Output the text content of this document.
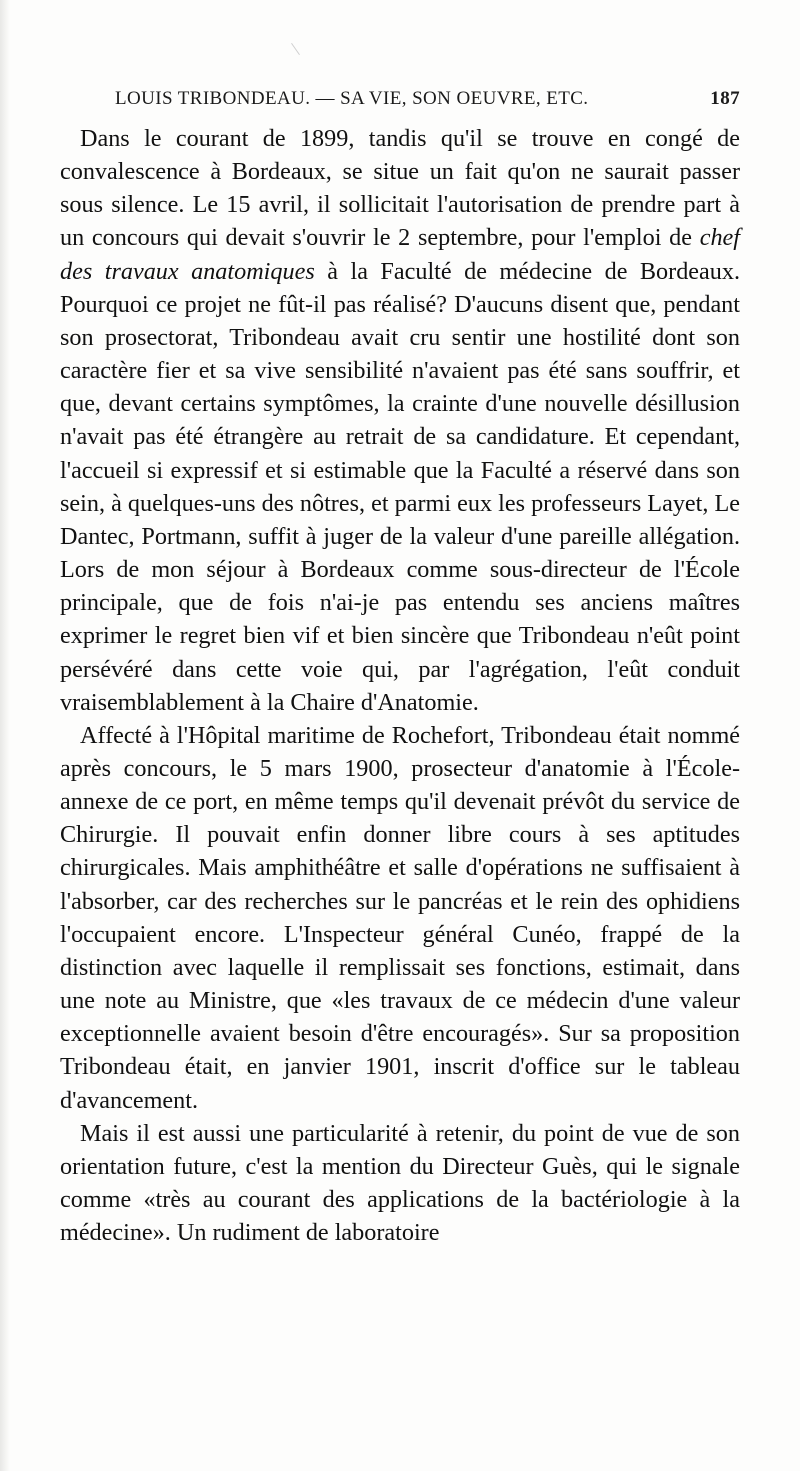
LOUIS TRIBONDEAU. — SA VIE, SON OEUVRE, ETC.	187

Dans le courant de 1899, tandis qu'il se trouve en congé de convalescence à Bordeaux, se situe un fait qu'on ne saurait passer sous silence. Le 15 avril, il sollicitait l'autorisation de prendre part à un concours qui devait s'ouvrir le 2 septembre, pour l'emploi de chef des travaux anatomiques à la Faculté de médecine de Bordeaux. Pourquoi ce projet ne fût-il pas réalisé? D'aucuns disent que, pendant son prosectorat, Tribondeau avait cru sentir une hostilité dont son caractère fier et sa vive sensibilité n'avaient pas été sans souffrir, et que, devant certains symptômes, la crainte d'une nouvelle désillusion n'avait pas été étrangère au retrait de sa candidature. Et cependant, l'accueil si expressif et si estimable que la Faculté a réservé dans son sein, à quelques-uns des nôtres, et parmi eux les professeurs Layet, Le Dantec, Portmann, suffit à juger de la valeur d'une pareille allégation. Lors de mon séjour à Bordeaux comme sous-directeur de l'École principale, que de fois n'ai-je pas entendu ses anciens maîtres exprimer le regret bien vif et bien sincère que Tribondeau n'eût point persévéré dans cette voie qui, par l'agrégation, l'eût conduit vraisemblablement à la Chaire d'Anatomie.

Affecté à l'Hôpital maritime de Rochefort, Tribondeau était nommé après concours, le 5 mars 1900, prosecteur d'anatomie à l'École-annexe de ce port, en même temps qu'il devenait prévôt du service de Chirurgie. Il pouvait enfin donner libre cours à ses aptitudes chirurgicales. Mais amphithéâtre et salle d'opérations ne suffisaient à l'absorber, car des recherches sur le pancréas et le rein des ophidiens l'occupaient encore. L'Inspecteur général Cunéo, frappé de la distinction avec laquelle il remplissait ses fonctions, estimait, dans une note au Ministre, que «les travaux de ce médecin d'une valeur exceptionnelle avaient besoin d'être encouragés». Sur sa proposition Tribondeau était, en janvier 1901, inscrit d'office sur le tableau d'avancement.

Mais il est aussi une particularité à retenir, du point de vue de son orientation future, c'est la mention du Directeur Guès, qui le signale comme «très au courant des applications de la bactériologie à la médecine». Un rudiment de laboratoire
